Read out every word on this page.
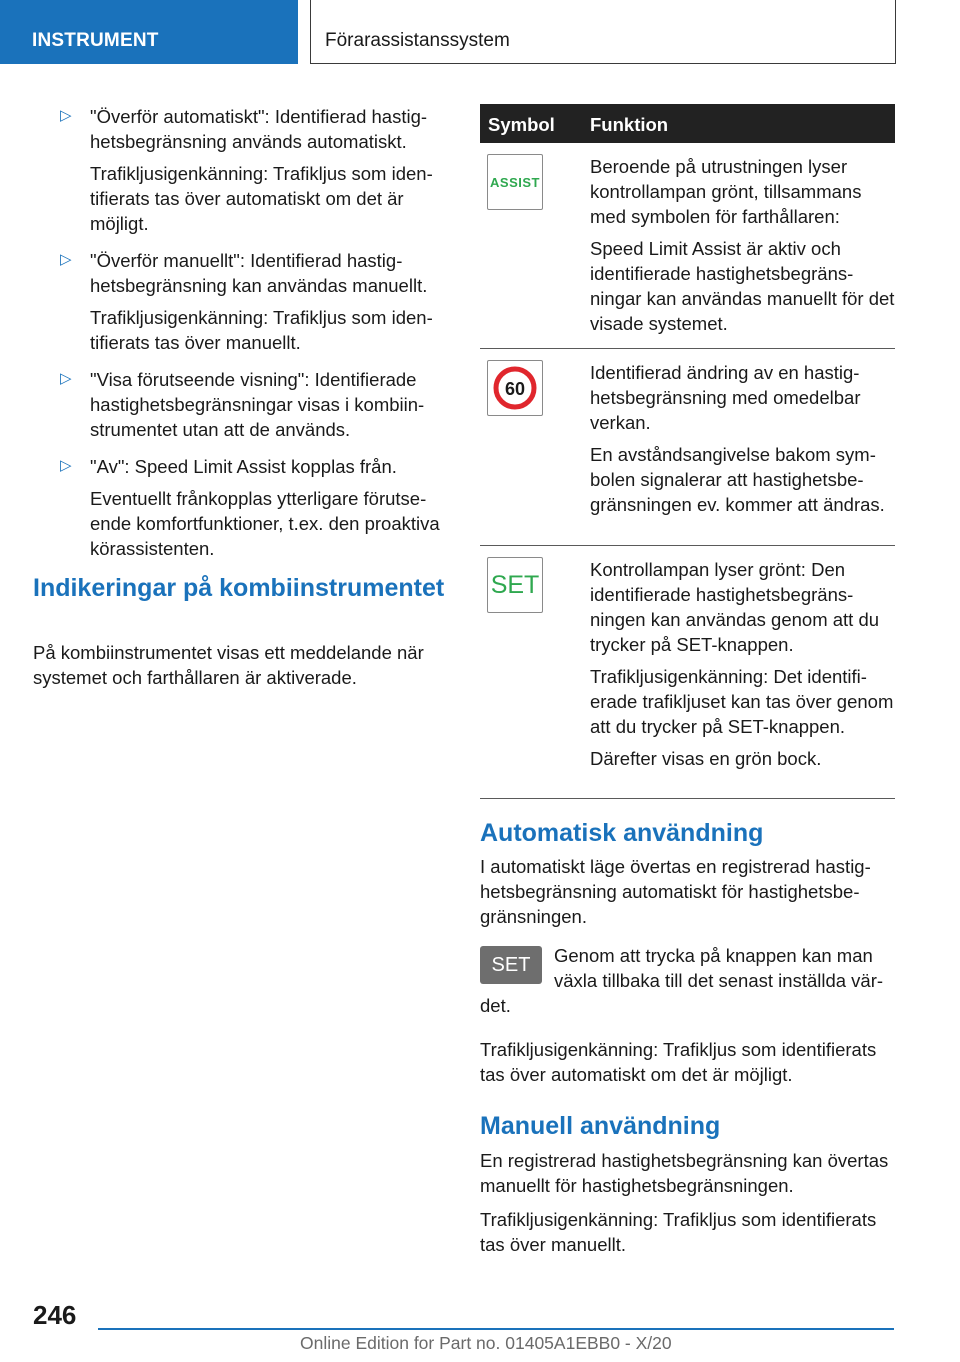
INSTRUMENT	Förarassistanssystem
▷ "Överför automatiskt": Identifierad hastighetsbegränsning används automatiskt.

Trafikljusigenkänning: Trafikljus som identifierats tas över automatiskt om det är möjligt.

▷ "Överför manuellt": Identifierad hastighetsbegränsning kan användas manuellt.

Trafikljusigenkänning: Trafikljus som identifierats tas över manuellt.

▷ "Visa förutseende visning": Identifierade hastighetsbegränsningar visas i kombiinstrumentet utan att de används.

▷ "Av": Speed Limit Assist kopplas från.

Eventuellt frånkopplas ytterligare förutseende komfortfunktioner, t.ex. den proaktiva körassistenten.

Indikeringar på kombiinstrumentet

På kombiinstrumentet visas ett meddelande när systemet och farthållaren är aktiverade.

Symbol Funktion
ASSIST

Beroende på utrustningen lyser kontrollampan grönt, tillsammans med symbolen för farthållaren:

Speed Limit Assist är aktiv och identifierade hastighetsbegränsningar kan användas manuellt för det visade systemet.

60

Identifierad ändring av en hastighetsbegränsning med omedelbar verkan.

En avståndsangivelse bakom symbolen signalerar att hastighetsbegränsningen ev. kommer att ändras.

SET

Kontrollampan lyser grönt: Den identifierade hastighetsbegränsningen kan användas genom att du trycker på SET-knappen.

Trafikljusigenkänning: Det identifierade trafikljuset kan tas över genom att du trycker på SET-knappen.

Därefter visas en grön bock.

Automatisk användning

I automatiskt läge övertas en registrerad hastighetsbegränsning automatiskt för hastighetsbegränsningen.

SET Genom att trycka på knappen kan man växla tillbaka till det senast inställda vär-

det.

Trafikljusigenkänning: Trafikljus som identifierats tas över automatiskt om det är möjligt.

Manuell användning

En registrerad hastighetsbegränsning kan övertas manuellt för hastighetsbegränsningen.

Trafikljusigenkänning: Trafikljus som identifierats tas över manuellt.

246
Online Edition for Part no. 01405A1EBB0 - X/20
